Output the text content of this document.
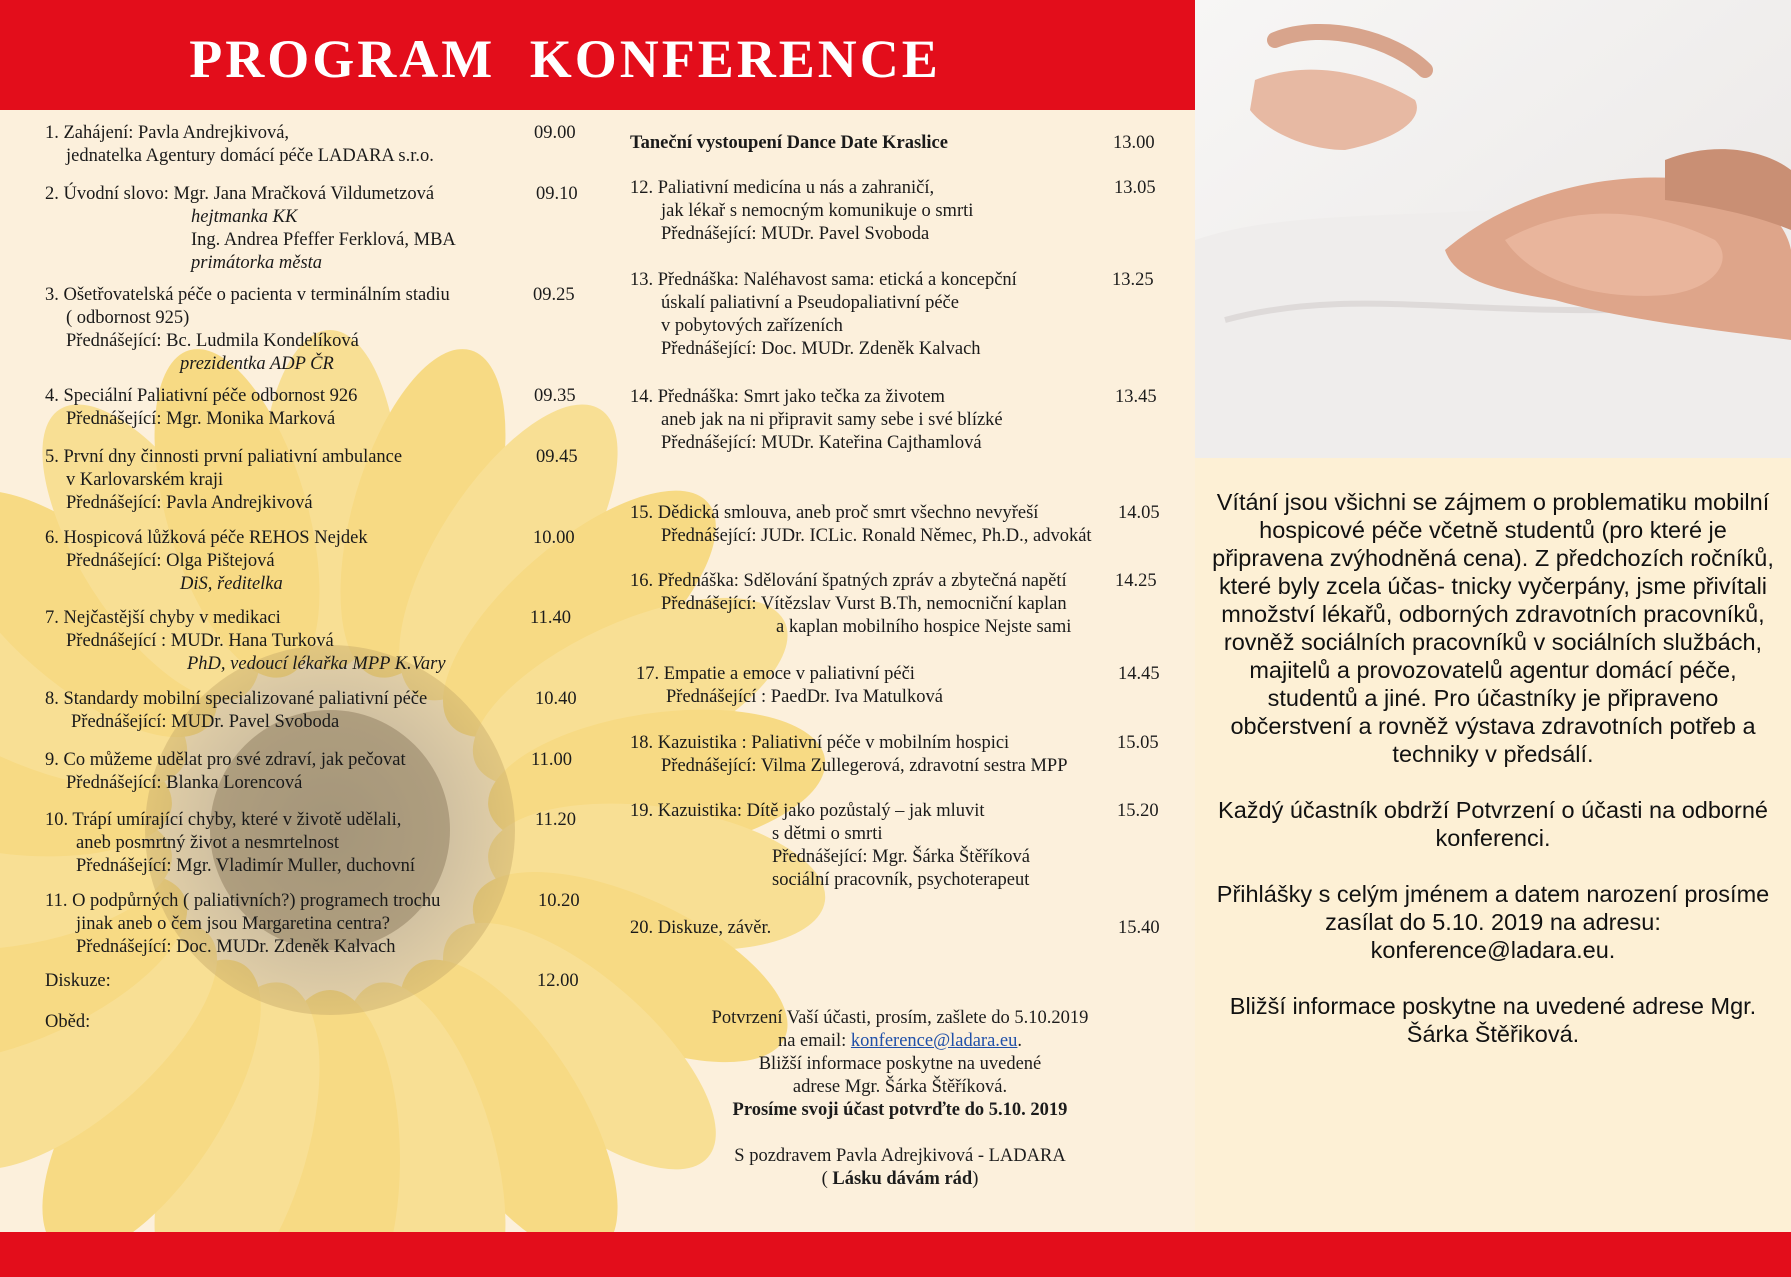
PROGRAM KONFERENCE

Vítání jsou všichni se zájmem o problematiku mobilní hospicové péče včetně studentů (pro které je připravena zvýhodněná cena). Z předchozích ročníků, které byly zcela účas- tnicky vyčerpány, jsme přivítali množství lékařů, odborných zdravotních pracovníků, rovněž sociálních pracovníků v sociálních službách, majitelů a provozovatelů agentur domácí péče, studentů a jiné. Pro účastníky je připraveno občerstvení a rovněž výstava zdravotních potřeb a techniky v předsálí.

Každý účastník obdrží Potvrzení o účasti na odborné konferenci.

Přihlášky s celým jménem a datem narození prosíme zasílat do 5.10. 2019 na adresu: konference@ladara.eu.

Bližší informace poskytne na uvedené adrese Mgr. Šárka Štěřiková.

1. Zahájení: Pavla Andrejkivová,
jednatelka Agentury domácí péče LADARA s.r.o.
09.00
2. Úvodní slovo: Mgr. Jana Mračková Vildumetzová
hejtmanka KK
Ing. Andrea Pfeffer Ferklová, MBA
primátorka města
09.10
3. Ošetřovatelská péče o pacienta v terminálním stadiu
( odbornost 925)
Přednášející: Bc. Ludmila Kondelíková
prezidentka ADP ČR
09.25
4. Speciální Paliativní péče odbornost 926
Přednášející: Mgr. Monika Marková
09.35
5. První dny činnosti první paliativní ambulance
v Karlovarském kraji
Přednášející: Pavla Andrejkivová
09.45
6. Hospicová lůžková péče REHOS Nejdek
Přednášející: Olga Pištejová
DiS, ředitelka
10.00
7. Nejčastější chyby v medikaci
Přednášející : MUDr. Hana Turková
PhD, vedoucí lékařka MPP K.Vary
11.40
8. Standardy mobilní specializované paliativní péče
Přednášející: MUDr. Pavel Svoboda
10.40
9. Co můžeme udělat pro své zdraví, jak pečovat
Přednášející: Blanka Lorencová
11.00
10. Trápí umírající chyby, které v životě udělali,
aneb posmrtný život a nesmrtelnost
Přednášející: Mgr. Vladimír Muller, duchovní
11.20
11. O podpůrných ( paliativních?) programech trochu
jinak aneb o čem jsou Margaretina centra?
Přednášející: Doc. MUDr. Zdeněk Kalvach
10.20
Diskuze:	12.00
Oběd:
Taneční vystoupení Dance Date Kraslice	13.00
12. Paliativní medicína u nás a zahraničí,
jak lékař s nemocným komunikuje o smrti
Přednášející: MUDr. Pavel Svoboda
13.05
13. Přednáška: Naléhavost sama: etická a koncepční
úskalí paliativní a Pseudopaliativní péče
v pobytových zařízeních
Přednášející: Doc. MUDr. Zdeněk Kalvach
13.25
14. Přednáška: Smrt jako tečka za životem
aneb jak na ni připravit samy sebe i své blízké
Přednášející: MUDr. Kateřina Cajthamlová
13.45
15. Dědická smlouva, aneb proč smrt všechno nevyřeší
Přednášející: JUDr. ICLic. Ronald Němec, Ph.D., advokát
14.05
16. Přednáška: Sdělování špatných zpráv a zbytečná napětí
Přednášející: Vítězslav Vurst B.Th, nemocniční kaplan
a kaplan mobilního hospice Nejste sami
14.25
17. Empatie a emoce v paliativní péči
Přednášející : PaedDr. Iva Matulková
14.45
18. Kazuistika : Paliativní péče v mobilním hospici
Přednášející: Vilma Zullegerová, zdravotní sestra MPP
15.05
19. Kazuistika: Dítě jako pozůstalý – jak mluvit
s dětmi o smrti
Přednášející: Mgr. Šárka Štěříková
sociální pracovník, psychoterapeut
15.20
20. Diskuze, závěr.	15.40
Potvrzení Vaší účasti, prosím, zašlete do 5.10.2019
na email: konference@ladara.eu.
Bližší informace poskytne na uvedené
adrese Mgr. Šárka Štěříková.
Prosíme svoji účast potvrďte do 5.10. 2019
S pozdravem Pavla Adrejkivová - LADARA
( Lásku dávám rád)
